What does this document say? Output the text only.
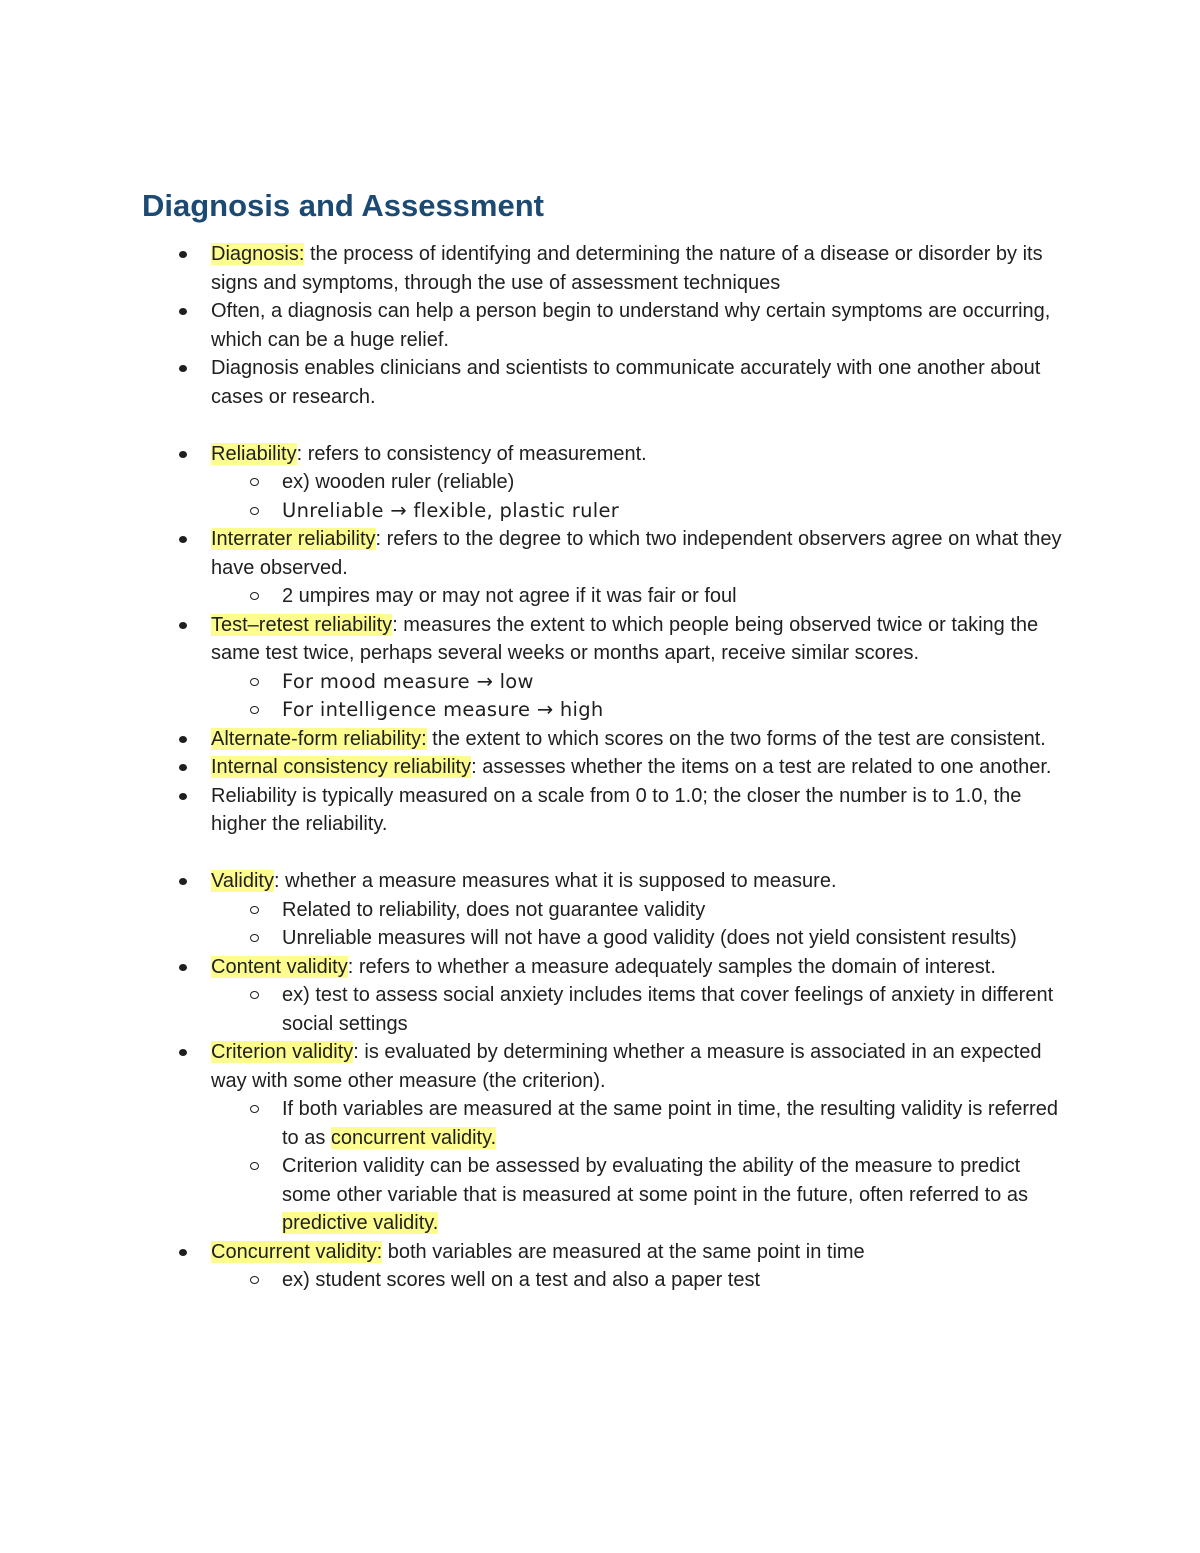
Diagnosis and Assessment
Diagnosis: the process of identifying and determining the nature of a disease or disorder by its signs and symptoms, through the use of assessment techniques
Often, a diagnosis can help a person begin to understand why certain symptoms are occurring, which can be a huge relief.
Diagnosis enables clinicians and scientists to communicate accurately with one another about cases or research.
Reliability: refers to consistency of measurement.
ex) wooden ruler (reliable)
Unreliable → flexible, plastic ruler
Interrater reliability: refers to the degree to which two independent observers agree on what they have observed.
2 umpires may or may not agree if it was fair or foul
Test–retest reliability: measures the extent to which people being observed twice or taking the same test twice, perhaps several weeks or months apart, receive similar scores.
For mood measure → low
For intelligence measure → high
Alternate-form reliability: the extent to which scores on the two forms of the test are consistent.
Internal consistency reliability: assesses whether the items on a test are related to one another.
Reliability is typically measured on a scale from 0 to 1.0; the closer the number is to 1.0, the higher the reliability.
Validity: whether a measure measures what it is supposed to measure.
Related to reliability, does not guarantee validity
Unreliable measures will not have a good validity (does not yield consistent results)
Content validity: refers to whether a measure adequately samples the domain of interest.
ex) test to assess social anxiety includes items that cover feelings of anxiety in different social settings
Criterion validity: is evaluated by determining whether a measure is associated in an expected way with some other measure (the criterion).
If both variables are measured at the same point in time, the resulting validity is referred to as concurrent validity.
Criterion validity can be assessed by evaluating the ability of the measure to predict some other variable that is measured at some point in the future, often referred to as predictive validity.
Concurrent validity: both variables are measured at the same point in time
ex) student scores well on a test and also a paper test
